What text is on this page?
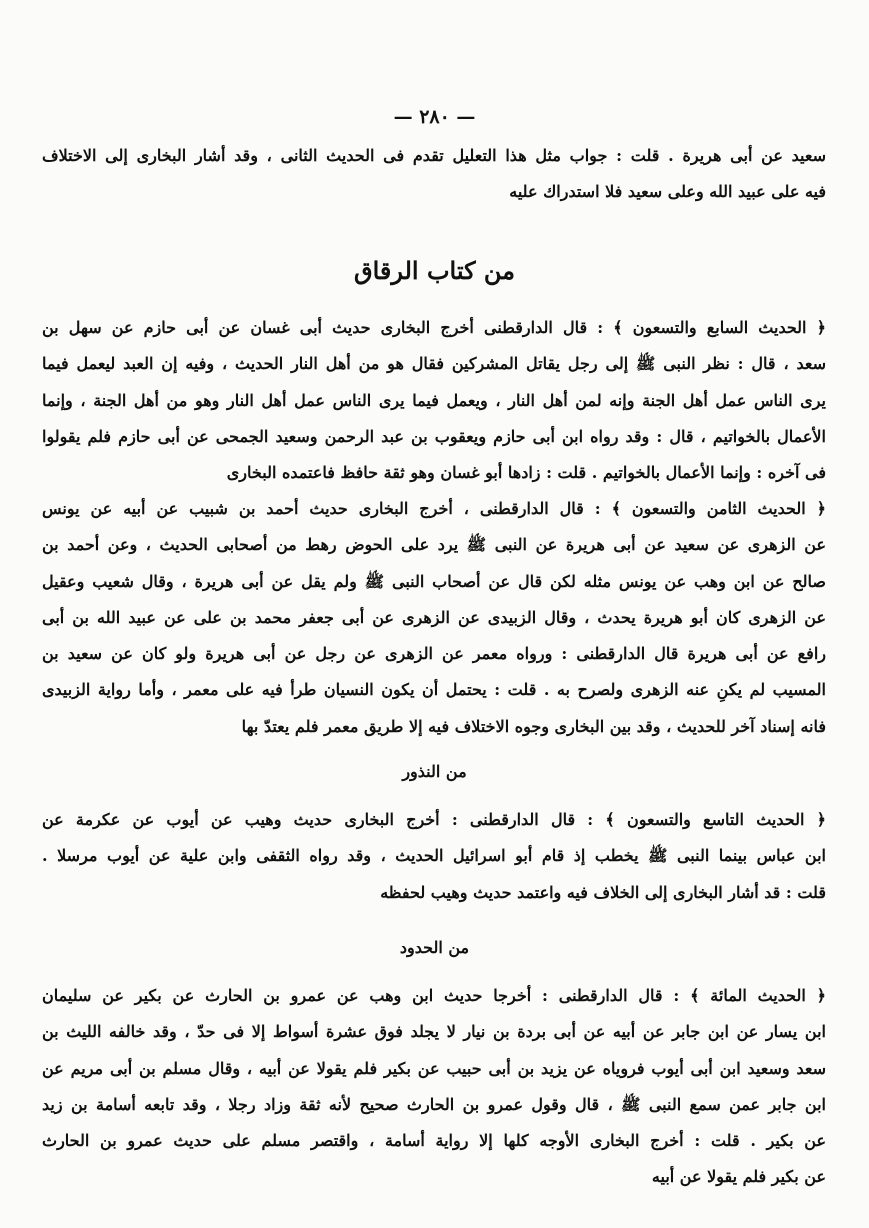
— ٢٨٠ —
سعيد عن أبى هريرة . قلت : جواب مثل هذا التعليل تقدم فى الحديث الثانى ، وقد أشار البخارى إلى الاختلاف
فيه على عبيد الله وعلى سعيد فلا استدراك عليه
من كتاب الرقاق
﴿ الحديث السابع والتسعون ﴾ : قال الدارقطنى أخرج البخارى حديث أبى غسان عن أبى حازم عن سهل بن
سعد ، قال : نظر النبى ﷺ إلى رجل يقاتل المشركين فقال هو من أهل النار الحديث ، وفيه إن العبد ليعمل فيما
يرى الناس عمل أهل الجنة وإنه لمن أهل النار ، ويعمل فيما يرى الناس عمل أهل النار وهو من أهل الجنة ، وإنما
الأعمال بالخواتيم ، قال : وقد رواه ابن أبى حازم ويعقوب بن عبد الرحمن وسعيد الجمحى عن أبى حازم فلم يقولوا
فى آخره : وإنما الأعمال بالخواتيم . قلت : زادها أبو غسان وهو ثقة حافظ فاعتمده البخارى
﴿ الحديث الثامن والتسعون ﴾ : قال الدارقطنى ، أخرج البخارى حديث أحمد بن شبيب عن أبيه عن يونس
عن الزهرى عن سعيد عن أبى هريرة عن النبى ﷺ يرد على الحوض رهط من أصحابى الحديث ، وعن أحمد بن
صالح عن ابن وهب عن يونس مثله لكن قال عن أصحاب النبى ﷺ ولم يقل عن أبى هريرة ، وقال شعيب وعقيل
عن الزهرى كان أبو هريرة يحدث ، وقال الزبيدى عن الزهرى عن أبى جعفر محمد بن على عن عبيد الله بن أبى
رافع عن أبى هريرة قال الدارقطنى : ورواه معمر عن الزهرى عن رجل عن أبى هريرة ولو كان عن سعيد بن
المسيب لم يكنِ عنه الزهرى ولصرح به . قلت : يحتمل أن يكون النسيان طرأ فيه على معمر ، وأما رواية الزبيدى
فانه إسناد آخر للحديث ، وقد بين البخارى وجوه الاختلاف فيه إلا طريق معمر فلم يعتدّ بها
من النذور
﴿ الحديث التاسع والتسعون ﴾ : قال الدارقطنى : أخرج البخارى حديث وهيب عن أيوب عن عكرمة عن
ابن عباس بينما النبى ﷺ يخطب إذ قام أبو اسرائيل الحديث ، وقد رواه الثقفى وابن علية عن أيوب مرسلا .
قلت : قد أشار البخارى إلى الخلاف فيه واعتمد حديث وهيب لحفظه
من الحدود
﴿ الحديث المائة ﴾ : قال الدارقطنى : أخرجا حديث ابن وهب عن عمرو بن الحارث عن بكير عن سليمان
ابن يسار عن ابن جابر عن أبيه عن أبى بردة بن نيار لا يجلد فوق عشرة أسواط إلا فى حدّ ، وقد خالفه الليث بن
سعد وسعيد ابن أبى أيوب فروياه عن يزيد بن أبى حبيب عن بكير فلم يقولا عن أبيه ، وقال مسلم بن أبى مريم عن
ابن جابر عمن سمع النبى ﷺ ، قال وقول عمرو بن الحارث صحيح لأنه ثقة وزاد رجلا ، وقد تابعه أسامة بن زيد
عن بكير . قلت : أخرج البخارى الأوجه كلها إلا رواية أسامة ، واقتصر مسلم على حديث عمرو بن الحارث
عن بكير فلم يقولا عن أبيه
